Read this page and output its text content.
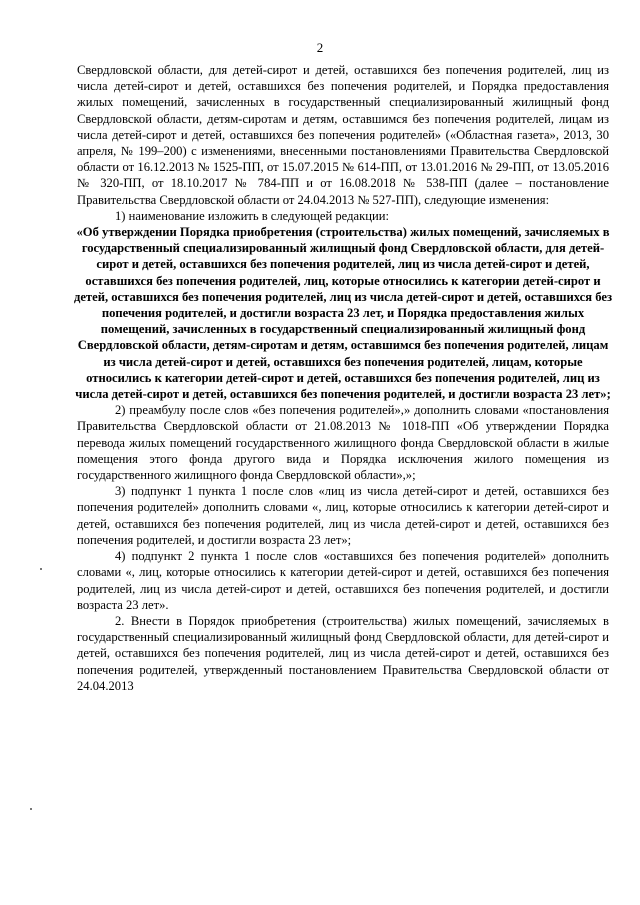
2

Свердловской области, для детей-сирот и детей, оставшихся без попечения родителей, лиц из числа детей-сирот и детей, оставшихся без попечения родителей, и Порядка предоставления жилых помещений, зачисленных в государственный специализированный жилищный фонд Свердловской области, детям-сиротам и детям, оставшимся без попечения родителей, лицам из числа детей-сирот и детей, оставшихся без попечения родителей» («Областная газета», 2013, 30 апреля, № 199–200) с изменениями, внесенными постановлениями Правительства Свердловской области от 16.12.2013 № 1525-ПП, от 15.07.2015 № 614-ПП, от 13.01.2016 № 29-ПП, от 13.05.2016 № 320-ПП, от 18.10.2017 № 784-ПП и от 16.08.2018 № 538-ПП (далее – постановление Правительства Свердловской области от 24.04.2013 № 527-ПП), следующие изменения:

1) наименование изложить в следующей редакции:

«Об утверждении Порядка приобретения (строительства) жилых помещений, зачисляемых в государственный специализированный жилищный фонд Свердловской области, для детей-сирот и детей, оставшихся без попечения родителей, лиц из числа детей-сирот и детей, оставшихся без попечения родителей, лиц, которые относились к категории детей-сирот и детей, оставшихся без попечения родителей, лиц из числа детей-сирот и детей, оставшихся без попечения родителей, и достигли возраста 23 лет, и Порядка предоставления жилых помещений, зачисленных в государственный специализированный жилищный фонд Свердловской области, детям-сиротам и детям, оставшимся без попечения родителей, лицам из числа детей-сирот и детей, оставшихся без попечения родителей, лицам, которые относились к категории детей-сирот и детей, оставшихся без попечения родителей, лиц из числа детей-сирот и детей, оставшихся без попечения родителей, и достигли возраста 23 лет»;

2) преамбулу после слов «без попечения родителей»,» дополнить словами «постановления Правительства Свердловской области от 21.08.2013 № 1018-ПП «Об утверждении Порядка перевода жилых помещений государственного жилищного фонда Свердловской области в жилые помещения этого фонда другого вида и Порядка исключения жилого помещения из государственного жилищного фонда Свердловской области»,»;

3) подпункт 1 пункта 1 после слов «лиц из числа детей-сирот и детей, оставшихся без попечения родителей» дополнить словами «, лиц, которые относились к категории детей-сирот и детей, оставшихся без попечения родителей, лиц из числа детей-сирот и детей, оставшихся без попечения родителей, и достигли возраста 23 лет»;

4) подпункт 2 пункта 1 после слов «оставшихся без попечения родителей» дополнить словами «, лиц, которые относились к категории детей-сирот и детей, оставшихся без попечения родителей, лиц из числа детей-сирот и детей, оставшихся без попечения родителей, и достигли возраста 23 лет».

2. Внести в Порядок приобретения (строительства) жилых помещений, зачисляемых в государственный специализированный жилищный фонд Свердловской области, для детей-сирот и детей, оставшихся без попечения родителей, лиц из числа детей-сирот и детей, оставшихся без попечения родителей, утвержденный постановлением Правительства Свердловской области от 24.04.2013
